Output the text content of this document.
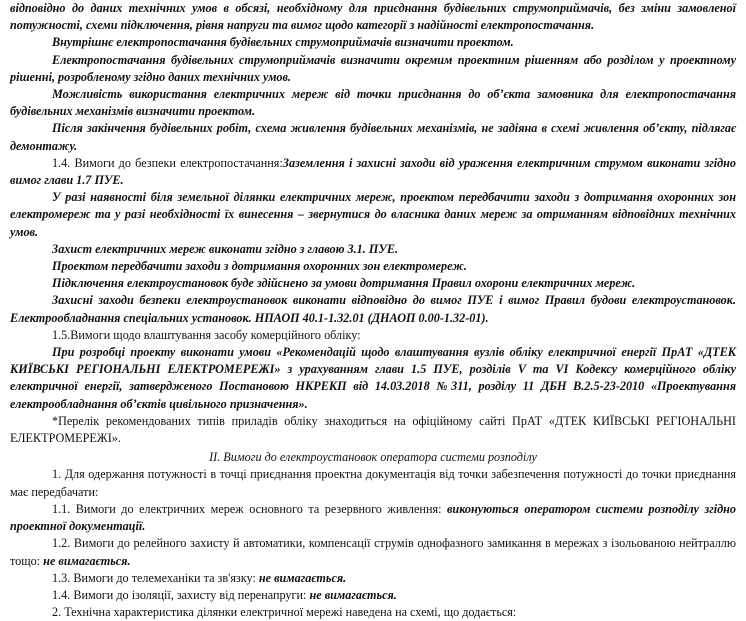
відповідно до даних технічних умов в обсязі, необхідному для приєднання будівельних струмоприймачів, без зміни замовленої потужності, схеми підключення, рівня напруги та вимог щодо категорії з надійності електропостачання.

Внутрішнє електропостачання будівельних струмоприймачів визначити проектом.

Електропостачання будівельних струмоприймачів визначити окремим проектним рішенням або розділом у проектному рішенні, розробленому згідно даних технічних умов.

Можливість використання електричних мереж від точки приєднання до об’єкта замовника для електропостачання будівельних механізмів визначити проектом.

Після закінчення будівельних робіт, схема живлення будівельних механізмів, не задіяна в схемі живлення об’єкту, підлягає демонтажу.

1.4. Вимоги до безпеки електропостачання:Заземлення і захисні заходи від ураження електричним струмом виконати згідно вимог глави 1.7 ПУЕ.

У разі наявності біля земельної ділянки електричних мереж, проектом передбачити заходи з дотримання охоронних зон електромереж та у разі необхідності їх винесення – звернутися до власника даних мереж за отриманням відповідних технічних умов.

Захист електричних мереж виконати згідно з главою 3.1. ПУЕ.

Проектом передбачити заходи з дотримання охоронних зон електромереж.

Підключення електроустановок буде здійснено за умови дотримання Правил охорони електричних мереж.

Захисні заходи безпеки електроустановок виконати відповідно до вимог ПУЕ і вимог Правил будови електроустановок. Електрообладнання спеціальних установок. НПАОП 40.1-1.32.01 (ДНАОП 0.00-1.32-01).

1.5.Вимоги щодо влаштування засобу комерційного обліку:

При розробці проекту виконати умови «Рекомендацій щодо влаштування вузлів обліку електричної енергії ПрАТ «ДТЕК КИЇВСЬКІ РЕГІОНАЛЬНІ ЕЛЕКТРОМЕРЕЖІ» з урахуванням глави 1.5 ПУЕ, розділів V та VI Кодексу комерційного обліку електричної енергії, затвердженого Постановою НКРЕКП від 14.03.2018 №311, розділу 11 ДБН В.2.5-23-2010 «Проектування електрообладнання об’єктів цивільного призначення».

*Перелік рекомендованих типів приладів обліку знаходиться на офіційному сайті ПрАТ «ДТЕК КИЇВСЬКІ РЕГІОНАЛЬНІ ЕЛЕКТРОМЕРЕЖІ».

ІІ. Вимоги до електроустановок оператора системи розподілу

1. Для одержання потужності в точці приєднання проектна документація від точки забезпечення потужності до точки приєднання має передбачати:

1.1. Вимоги до електричних мереж основного та резервного живлення: виконуються оператором системи розподілу згідно проектної документації.

1.2. Вимоги до релейного захисту й автоматики, компенсації струмів однофазного замикання в мережах з ізольованою нейтраллю тощо: не вимагається.

1.3. Вимоги до телемеханіки та зв'язку: не вимагається.

1.4. Вимоги до ізоляції, захисту від перенапруги: не вимагається.

2. Технічна характеристика ділянки електричної мережі наведена на схемі, що додається:
